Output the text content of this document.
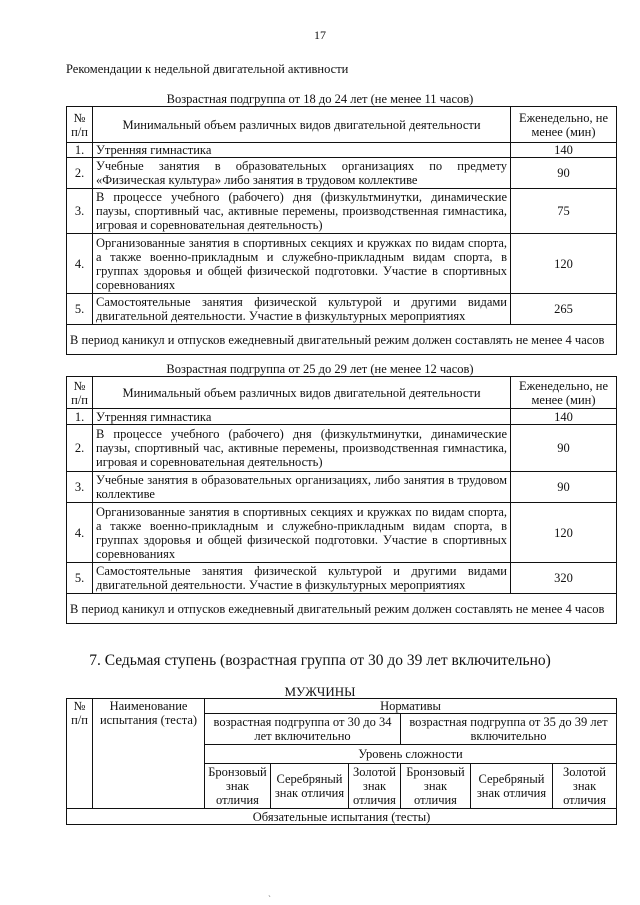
17
Рекомендации к недельной двигательной активности
Возрастная подгруппа от 18 до 24 лет (не менее 11 часов)
№ п/п	Минимальный объем различных видов двигательной деятельности	Еженедельно, не менее (мин)
1.	Утренняя гимнастика	140
2.	Учебные занятия в образовательных организациях по предмету «Физическая культура» либо занятия в трудовом коллективе	90
3.	В процессе учебного (рабочего) дня (физкультминутки, динамические паузы, спортивный час, активные перемены, производственная гимнастика, игровая и соревновательная деятельность)	75
4.	Организованные занятия в спортивных секциях и кружках по видам спорта, а также военно-прикладным и служебно-прикладным видам спорта, в группах здоровья и общей физической подготовки. Участие в спортивных соревнованиях	120
5.	Самостоятельные занятия физической культурой и другими видами двигательной деятельности. Участие в физкультурных мероприятиях	265
В период каникул и отпусков ежедневный двигательный режим должен составлять не менее 4 часов		
Возрастная подгруппа от 25 до 29 лет (не менее 12 часов)
№ п/п	Минимальный объем различных видов двигательной деятельности	Еженедельно, не менее (мин)
1.	Утренняя гимнастика	140
2.	В процессе учебного (рабочего) дня (физкультминутки, динамические паузы, спортивный час, активные перемены, производственная гимнастика, игровая и соревновательная деятельность)	90
3.	Учебные занятия в образовательных организациях, либо занятия в трудовом коллективе	90
4.	Организованные занятия в спортивных секциях и кружках по видам спорта, а также военно-прикладным и служебно-прикладным видам спорта, в группах здоровья и общей физической подготовки. Участие в спортивных соревнованиях	120
5.	Самостоятельные занятия физической культурой и другими видами двигательной деятельности. Участие в физкультурных мероприятиях	320
В период каникул и отпусков ежедневный двигательный режим должен составлять не менее 4 часов		
7. Седьмая ступень (возрастная группа от 30 до 39 лет включительно)
МУЖЧИНЫ
№ п/п	Наименование испытания (теста)	Нормативы					
		возрастная подгруппа от 30 до 34 лет включительно			возрастная подгруппа от 35 до 39 лет включительно		
		Уровень сложности					
		Бронзовый знак отличия	Серебряный знак отличия	Золотой знак отличия	Бронзовый знак отличия	Серебряный знак отличия	Золотой знак отличия
Обязательные испытания (тесты)							
ˎ
